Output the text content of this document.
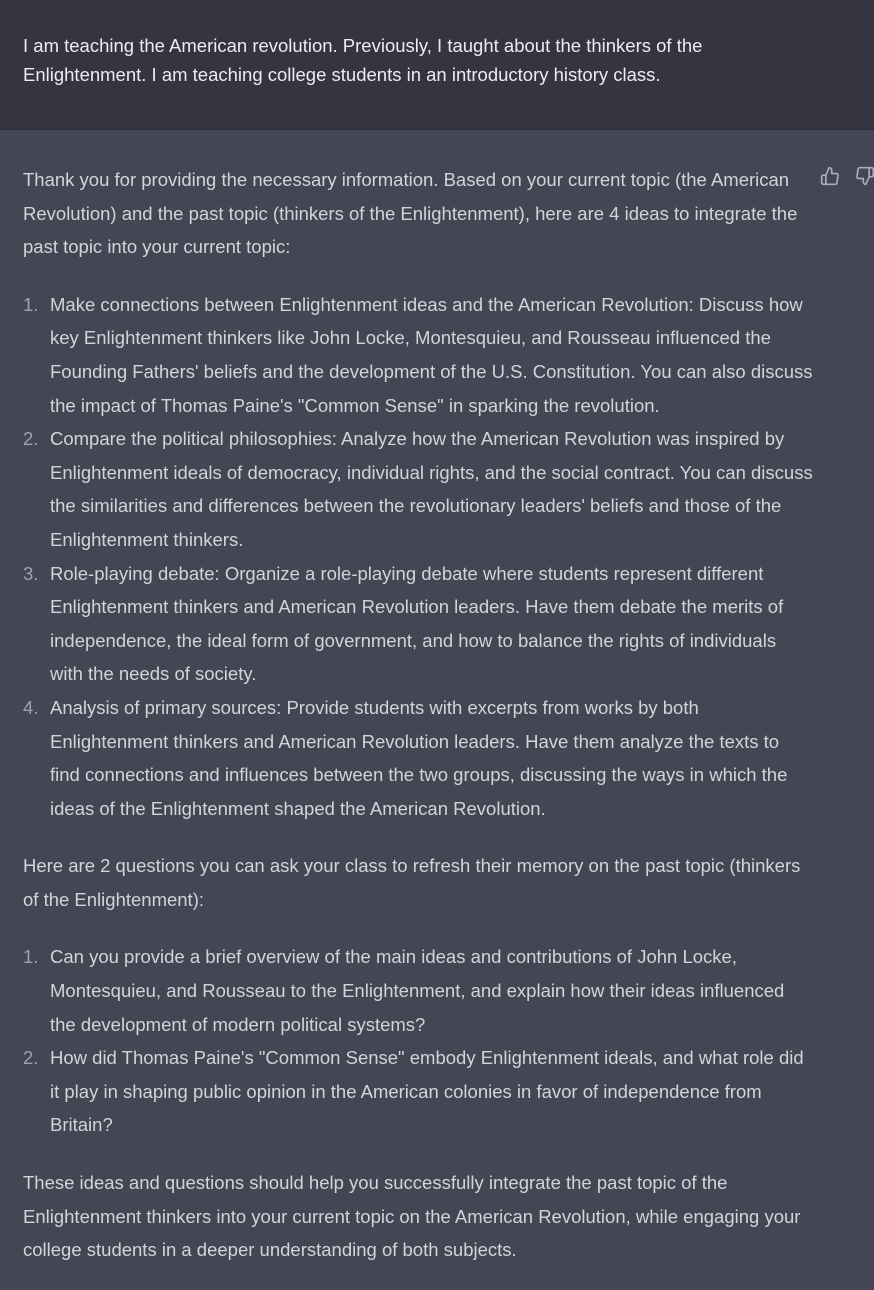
I am teaching the American revolution. Previously, I taught about the thinkers of the Enlightenment. I am teaching college students in an introductory history class.

Thank you for providing the necessary information. Based on your current topic (the American Revolution) and the past topic (thinkers of the Enlightenment), here are 4 ideas to integrate the past topic into your current topic:

1. Make connections between Enlightenment ideas and the American Revolution: Discuss how key Enlightenment thinkers like John Locke, Montesquieu, and Rousseau influenced the Founding Fathers' beliefs and the development of the U.S. Constitution. You can also discuss the impact of Thomas Paine's "Common Sense" in sparking the revolution.
2. Compare the political philosophies: Analyze how the American Revolution was inspired by Enlightenment ideals of democracy, individual rights, and the social contract. You can discuss the similarities and differences between the revolutionary leaders' beliefs and those of the Enlightenment thinkers.
3. Role-playing debate: Organize a role-playing debate where students represent different Enlightenment thinkers and American Revolution leaders. Have them debate the merits of independence, the ideal form of government, and how to balance the rights of individuals with the needs of society.
4. Analysis of primary sources: Provide students with excerpts from works by both Enlightenment thinkers and American Revolution leaders. Have them analyze the texts to find connections and influences between the two groups, discussing the ways in which the ideas of the Enlightenment shaped the American Revolution.

Here are 2 questions you can ask your class to refresh their memory on the past topic (thinkers of the Enlightenment):

1. Can you provide a brief overview of the main ideas and contributions of John Locke, Montesquieu, and Rousseau to the Enlightenment, and explain how their ideas influenced the development of modern political systems?
2. How did Thomas Paine's "Common Sense" embody Enlightenment ideals, and what role did it play in shaping public opinion in the American colonies in favor of independence from Britain?

These ideas and questions should help you successfully integrate the past topic of the Enlightenment thinkers into your current topic on the American Revolution, while engaging your college students in a deeper understanding of both subjects.
